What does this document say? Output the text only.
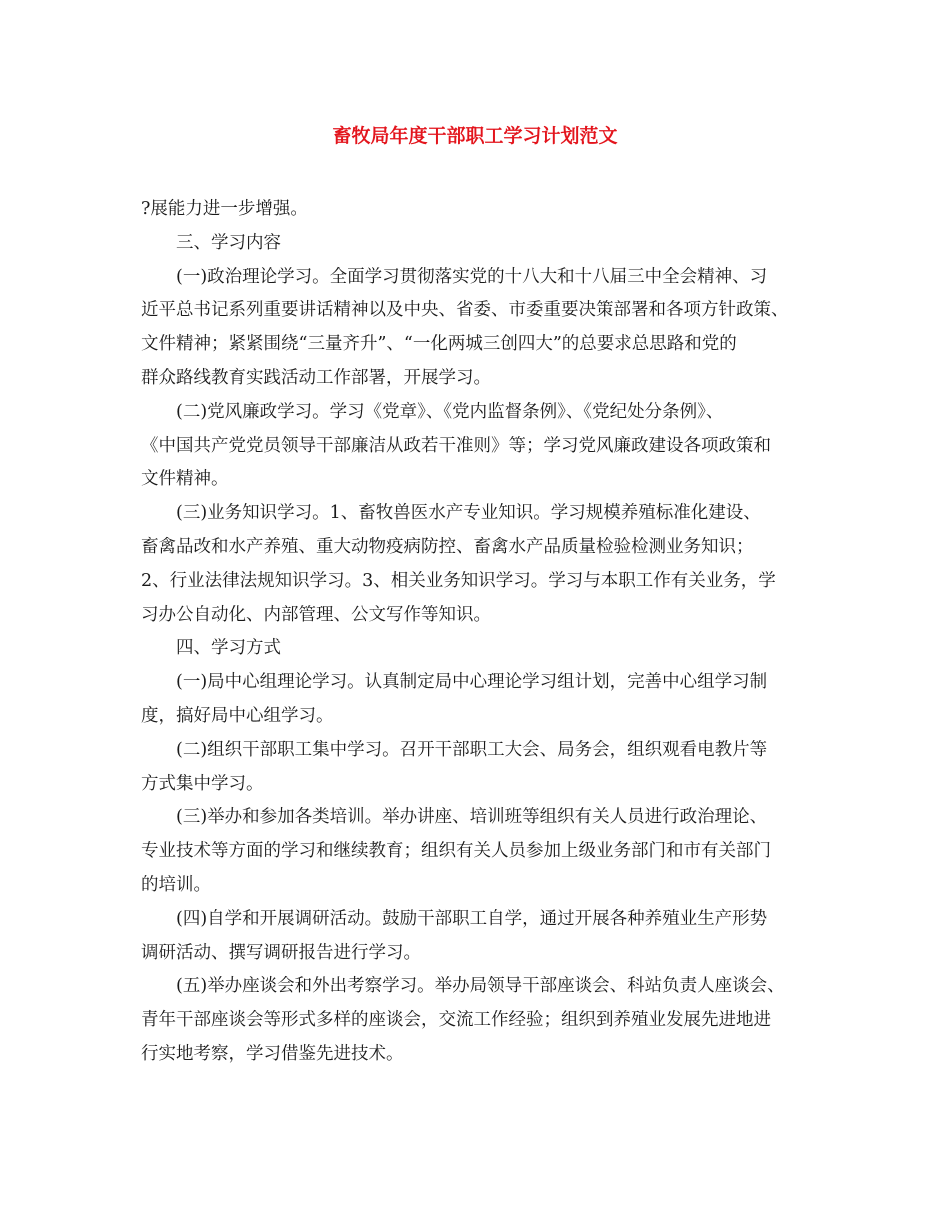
畜牧局年度干部职工学习计划范文

?展能力进一步增强。

三、学习内容

(一)政治理论学习。全面学习贯彻落实党的十八大和十八届三中全会精神、习
近平总书记系列重要讲话精神以及中央、省委、市委重要决策部署和各项方针政策、
文件精神；紧紧围绕“三量齐升”、“一化两城三创四大”的总要求总思路和党的
群众路线教育实践活动工作部署，开展学习。

(二)党风廉政学习。学习《党章》、《党内监督条例》、《党纪处分条例》、
《中国共产党党员领导干部廉洁从政若干准则》等；学习党风廉政建设各项政策和
文件精神。

(三)业务知识学习。1、畜牧兽医水产专业知识。学习规模养殖标准化建设、
畜禽品改和水产养殖、重大动物疫病防控、畜禽水产品质量检验检测业务知识；
2、行业法律法规知识学习。3、相关业务知识学习。学习与本职工作有关业务，学
习办公自动化、内部管理、公文写作等知识。

四、学习方式

(一)局中心组理论学习。认真制定局中心理论学习组计划，完善中心组学习制
度，搞好局中心组学习。

(二)组织干部职工集中学习。召开干部职工大会、局务会，组织观看电教片等
方式集中学习。

(三)举办和参加各类培训。举办讲座、培训班等组织有关人员进行政治理论、
专业技术等方面的学习和继续教育；组织有关人员参加上级业务部门和市有关部门
的培训。

(四)自学和开展调研活动。鼓励干部职工自学，通过开展各种养殖业生产形势
调研活动、撰写调研报告进行学习。

(五)举办座谈会和外出考察学习。举办局领导干部座谈会、科站负责人座谈会、
青年干部座谈会等形式多样的座谈会，交流工作经验；组织到养殖业发展先进地进
行实地考察，学习借鉴先进技术。
